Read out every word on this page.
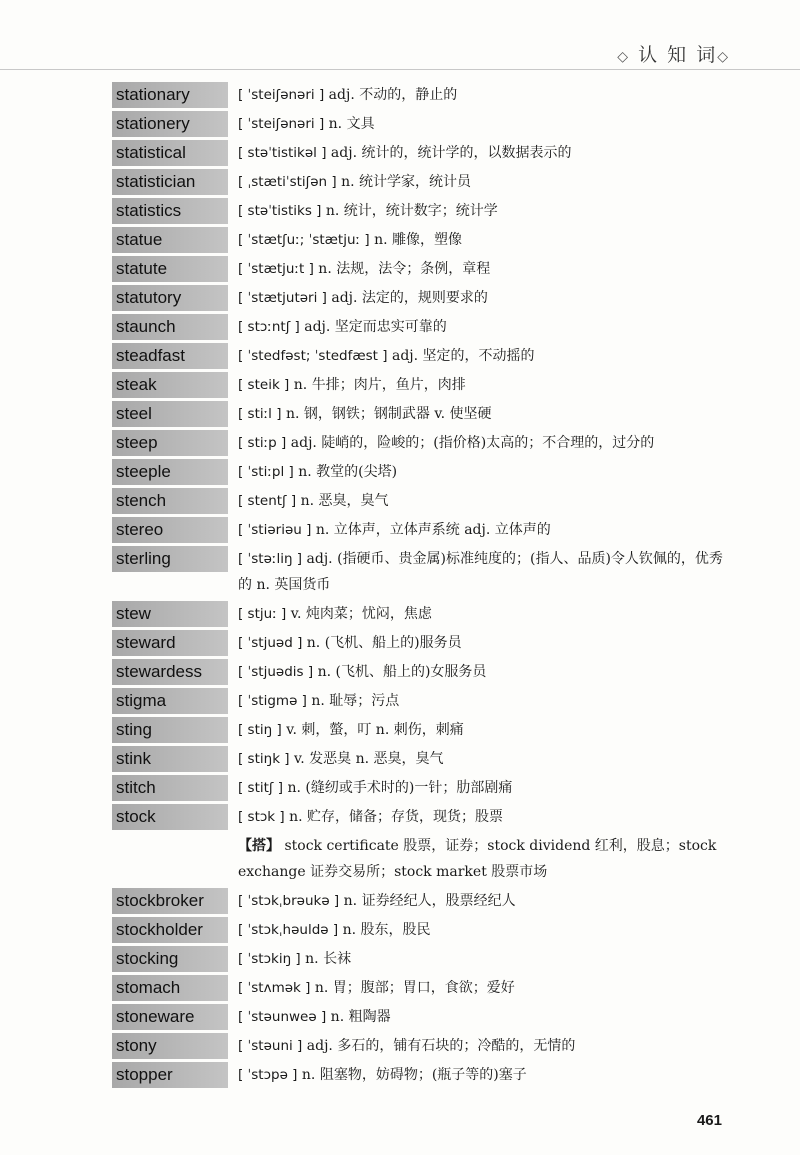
◇ 认 知 词◇
stationary	[ ˈsteiʃənəri ] adj. 不动的，静止的
stationery	[ ˈsteiʃənəri ] n. 文具
statistical	[ stəˈtistikəl ] adj. 统计的，统计学的，以数据表示的
statistician	[ ˌstætiˈstiʃən ] n. 统计学家，统计员
statistics	[ stəˈtistiks ] n. 统计，统计数字；统计学
statue	[ ˈstætʃuː; ˈstætjuː ] n. 雕像，塑像
statute	[ ˈstætjuːt ] n. 法规，法令；条例，章程
statutory	[ ˈstætjutəri ] adj. 法定的，规则要求的
staunch	[ stɔːntʃ ] adj. 坚定而忠实可靠的
steadfast	[ ˈstedfəst; ˈstedfæst ] adj. 坚定的，不动摇的
steak	[ steik ] n. 牛排；肉片，鱼片，肉排
steel	[ stiːl ] n. 钢，钢铁；钢制武器 v. 使坚硬
steep	[ stiːp ] adj. 陡峭的，险峻的；(指价格)太高的；不合理的，过分的
steeple	[ ˈstiːpl ] n. 教堂的(尖塔)
stench	[ stentʃ ] n. 恶臭，臭气
stereo	[ ˈstiəriəu ] n. 立体声，立体声系统 adj. 立体声的
sterling	[ ˈstəːliŋ ] adj. (指硬币、贵金属)标准纯度的；(指人、品质)令人钦佩的，优秀的 n. 英国货币
stew	[ stjuː ] v. 炖肉菜；忧闷，焦虑
steward	[ ˈstjuəd ] n. (飞机、船上的)服务员
stewardess	[ ˈstjuədis ] n. (飞机、船上的)女服务员
stigma	[ ˈstigmə ] n. 耻辱；污点
sting	[ stiŋ ] v. 刺，螫，叮 n. 刺伤，刺痛
stink	[ stiŋk ] v. 发恶臭 n. 恶臭，臭气
stitch	[ stitʃ ] n. (缝纫或手术时的)一针；肋部剧痛
stock	[ stɔk ] n. 贮存，储备；存货，现货；股票
【搭】 stock certificate 股票，证券；stock dividend 红利，股息；stock exchange 证券交易所；stock market 股票市场
stockbroker	[ ˈstɔkˌbrəukə ] n. 证券经纪人，股票经纪人
stockholder	[ ˈstɔkˌhəuldə ] n. 股东，股民
stocking	[ ˈstɔkiŋ ] n. 长袜
stomach	[ ˈstʌmək ] n. 胃；腹部；胃口，食欲；爱好
stoneware	[ ˈstəunweə ] n. 粗陶器
stony	[ ˈstəuni ] adj. 多石的，铺有石块的；冷酷的，无情的
stopper	[ ˈstɔpə ] n. 阻塞物，妨碍物；(瓶子等的)塞子
461
